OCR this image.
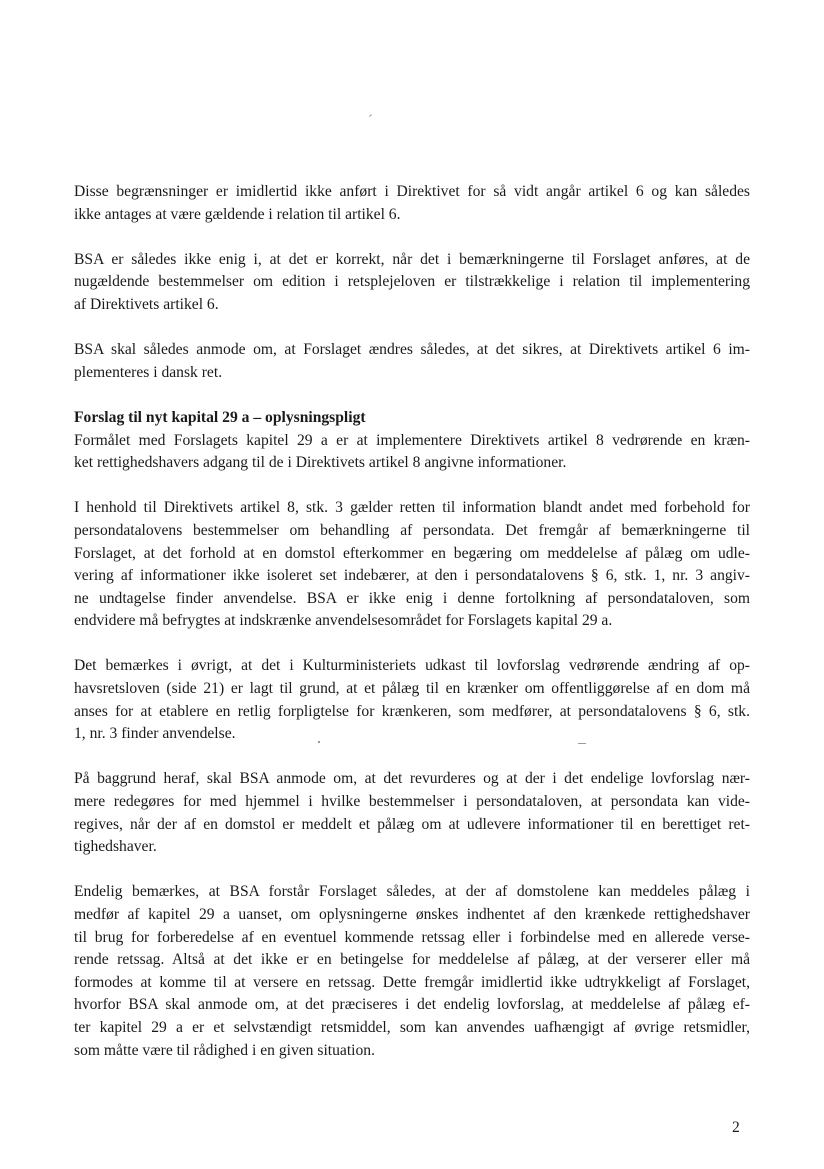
Disse begrænsninger er imidlertid ikke anført i Direktivet for så vidt angår artikel 6 og kan således
ikke antages at være gældende i relation til artikel 6.
BSA er således ikke enig i, at det er korrekt, når det i bemærkningerne til Forslaget anføres, at de
nugældende bestemmelser om edition i retsplejeloven er tilstrækkelige i relation til implementering
af Direktivets artikel 6.
BSA skal således anmode om, at Forslaget ændres således, at det sikres, at Direktivets artikel 6 im-
plementeres i dansk ret.
Forslag til nyt kapital 29 a – oplysningspligt
Formålet med Forslagets kapitel 29 a er at implementere Direktivets artikel 8 vedrørende en kræn-
ket rettighedshavers adgang til de i Direktivets artikel 8 angivne informationer.
I henhold til Direktivets artikel 8, stk. 3 gælder retten til information blandt andet med forbehold for
persondatalovens bestemmelser om behandling af persondata. Det fremgår af bemærkningerne til
Forslaget, at det forhold at en domstol efterkommer en begæring om meddelelse af pålæg om udle-
vering af informationer ikke isoleret set indebærer, at den i persondatalovens § 6, stk. 1, nr. 3 angiv-
ne undtagelse finder anvendelse. BSA er ikke enig i denne fortolkning af persondataloven, som
endvidere må befrygtes at indskrænke anvendelsesområdet for Forslagets kapital 29 a.
Det bemærkes i øvrigt, at det i Kulturministeriets udkast til lovforslag vedrørende ændring af op-
havsretsloven (side 21) er lagt til grund, at et pålæg til en krænker om offentliggørelse af en dom må
anses for at etablere en retlig forpligtelse for krænkeren, som medfører, at persondatalovens § 6, stk.
1, nr. 3 finder anvendelse.
På baggrund heraf, skal BSA anmode om, at det revurderes og at der i det endelige lovforslag nær-
mere redegøres for med hjemmel i hvilke bestemmelser i persondataloven, at persondata kan vide-
regives, når der af en domstol er meddelt et pålæg om at udlevere informationer til en berettiget ret-
tighedshaver.
Endelig bemærkes, at BSA forstår Forslaget således, at der af domstolene kan meddeles pålæg i
medfør af kapitel 29 a uanset, om oplysningerne ønskes indhentet af den krænkede rettighedshaver
til brug for forberedelse af en eventuel kommende retssag eller i forbindelse med en allerede verse-
rende retssag. Altså at det ikke er en betingelse for meddelelse af pålæg, at der verserer eller må
formodes at komme til at versere en retssag. Dette fremgår imidlertid ikke udtrykkeligt af Forslaget,
hvorfor BSA skal anmode om, at det præciseres i det endelig lovforslag, at meddelelse af pålæg ef-
ter kapitel 29 a er et selvstændigt retsmiddel, som kan anvendes uafhængigt af øvrige retsmidler,
som måtte være til rådighed i en given situation.
2
